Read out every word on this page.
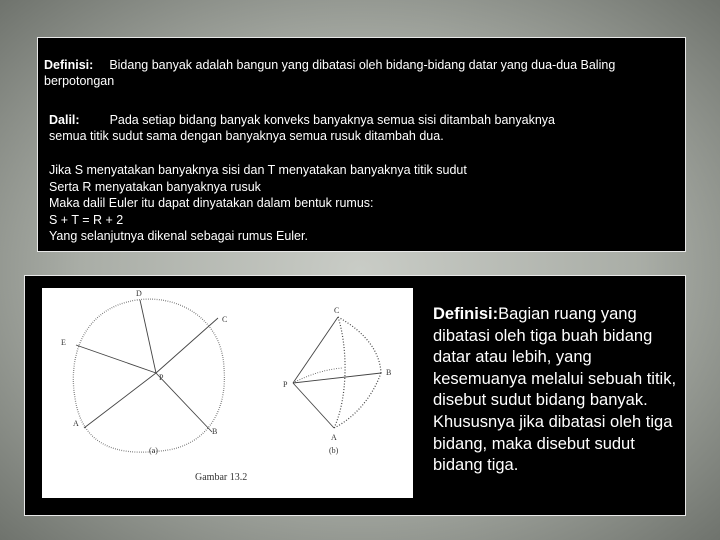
Definisi: Bidang banyak adalah bangun yang dibatasi oleh bidang-bidang datar yang dua-dua Baling
berpotongan
Dalil: Pada setiap bidang banyak konveks banyaknya semua sisi ditambah banyaknya
semua titik sudut sama dengan banyaknya semua rusuk ditambah dua.
Jika S menyatakan banyaknya sisi dan T menyatakan banyaknya titik sudut
Serta R menyatakan banyaknya rusuk
Maka dalil Euler itu dapat dinyatakan dalam bentuk rumus:
S + T = R + 2
Yang selanjutnya dikenal sebagai rumus Euler.
D
E
C
P
A
B
(a)
C
P
B
A
(b)
Gambar 13.2
Definisi:Bagian ruang yang dibatasi oleh tiga buah bidang datar atau lebih, yang kesemuanya melalui sebuah titik, disebut sudut bidang banyak. Khususnya jika dibatasi oleh tiga bidang, maka disebut sudut bidang tiga.
